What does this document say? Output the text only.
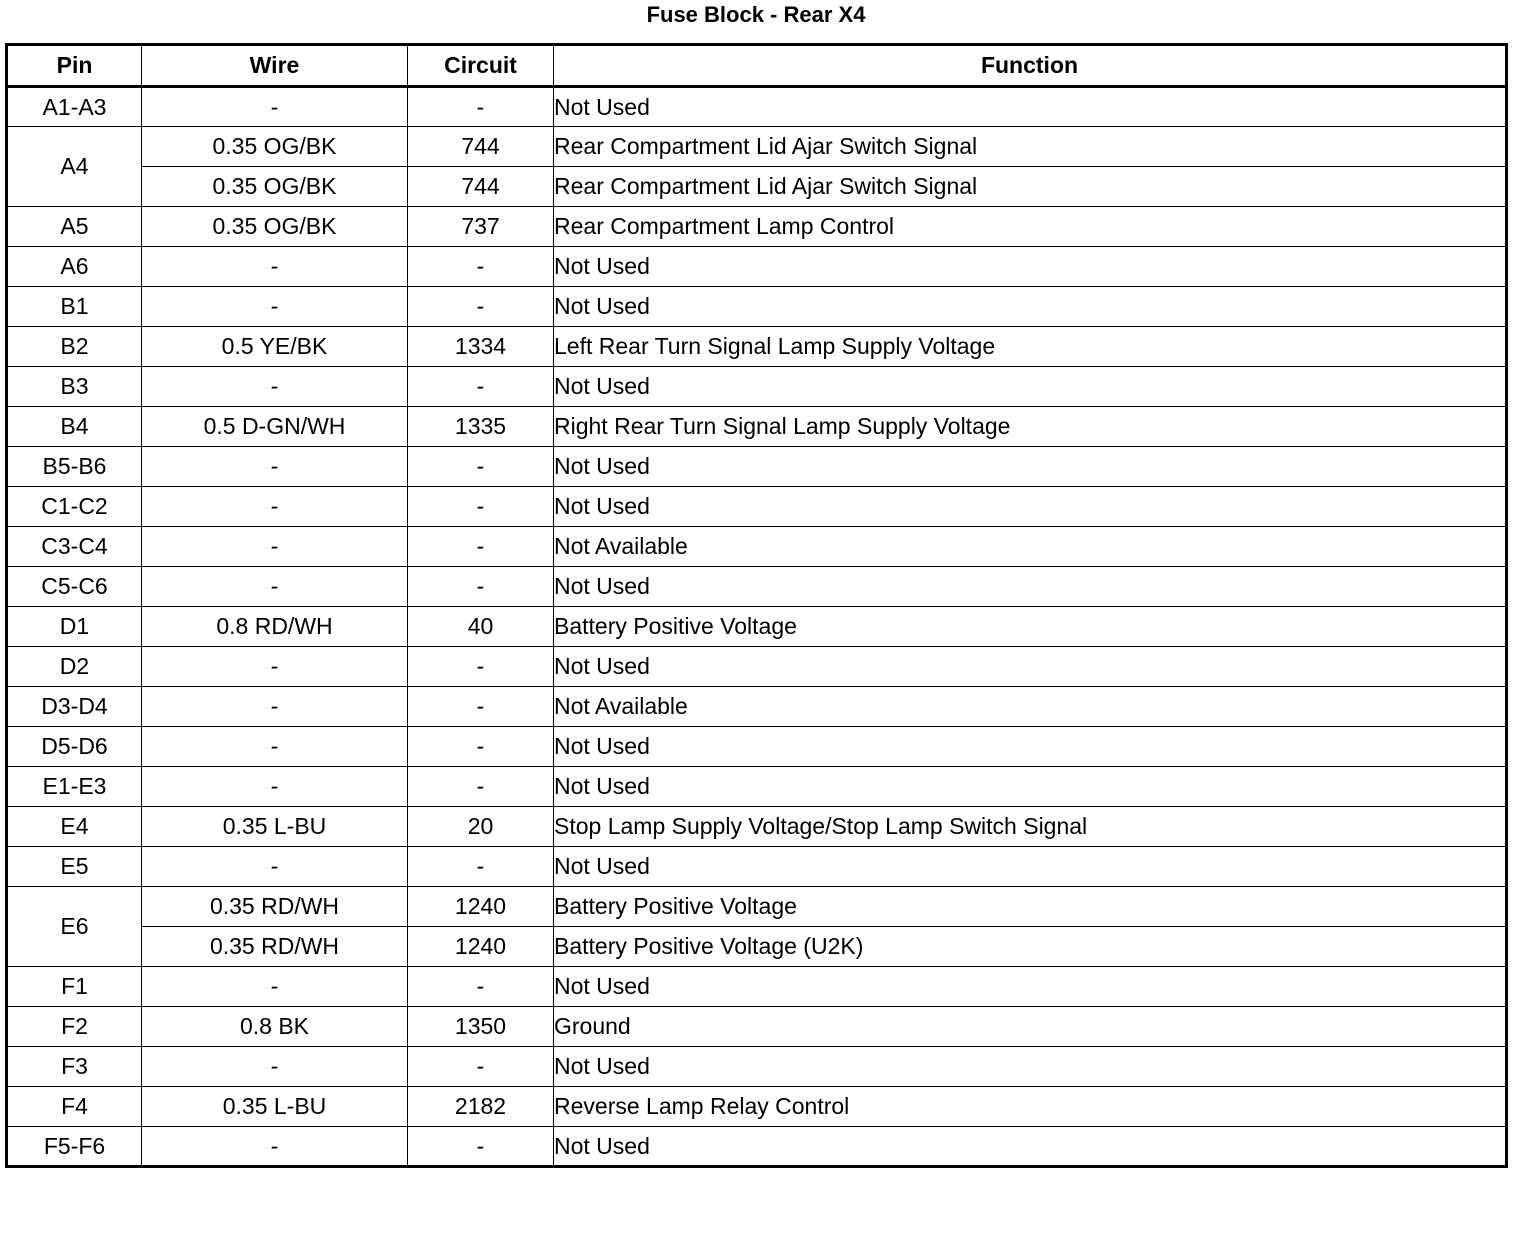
Fuse Block - Rear X4
Pin	Wire	Circuit	Function
A1-A3	-	-	Not Used
A4	0.35 OG/BK	744	Rear Compartment Lid Ajar Switch Signal
	0.35 OG/BK	744	Rear Compartment Lid Ajar Switch Signal
A5	0.35 OG/BK	737	Rear Compartment Lamp Control
A6	-	-	Not Used
B1	-	-	Not Used
B2	0.5 YE/BK	1334	Left Rear Turn Signal Lamp Supply Voltage
B3	-	-	Not Used
B4	0.5 D-GN/WH	1335	Right Rear Turn Signal Lamp Supply Voltage
B5-B6	-	-	Not Used
C1-C2	-	-	Not Used
C3-C4	-	-	Not Available
C5-C6	-	-	Not Used
D1	0.8 RD/WH	40	Battery Positive Voltage
D2	-	-	Not Used
D3-D4	-	-	Not Available
D5-D6	-	-	Not Used
E1-E3	-	-	Not Used
E4	0.35 L-BU	20	Stop Lamp Supply Voltage/Stop Lamp Switch Signal
E5	-	-	Not Used
E6	0.35 RD/WH	1240	Battery Positive Voltage
	0.35 RD/WH	1240	Battery Positive Voltage (U2K)
F1	-	-	Not Used
F2	0.8 BK	1350	Ground
F3	-	-	Not Used
F4	0.35 L-BU	2182	Reverse Lamp Relay Control
F5-F6	-	-	Not Used
